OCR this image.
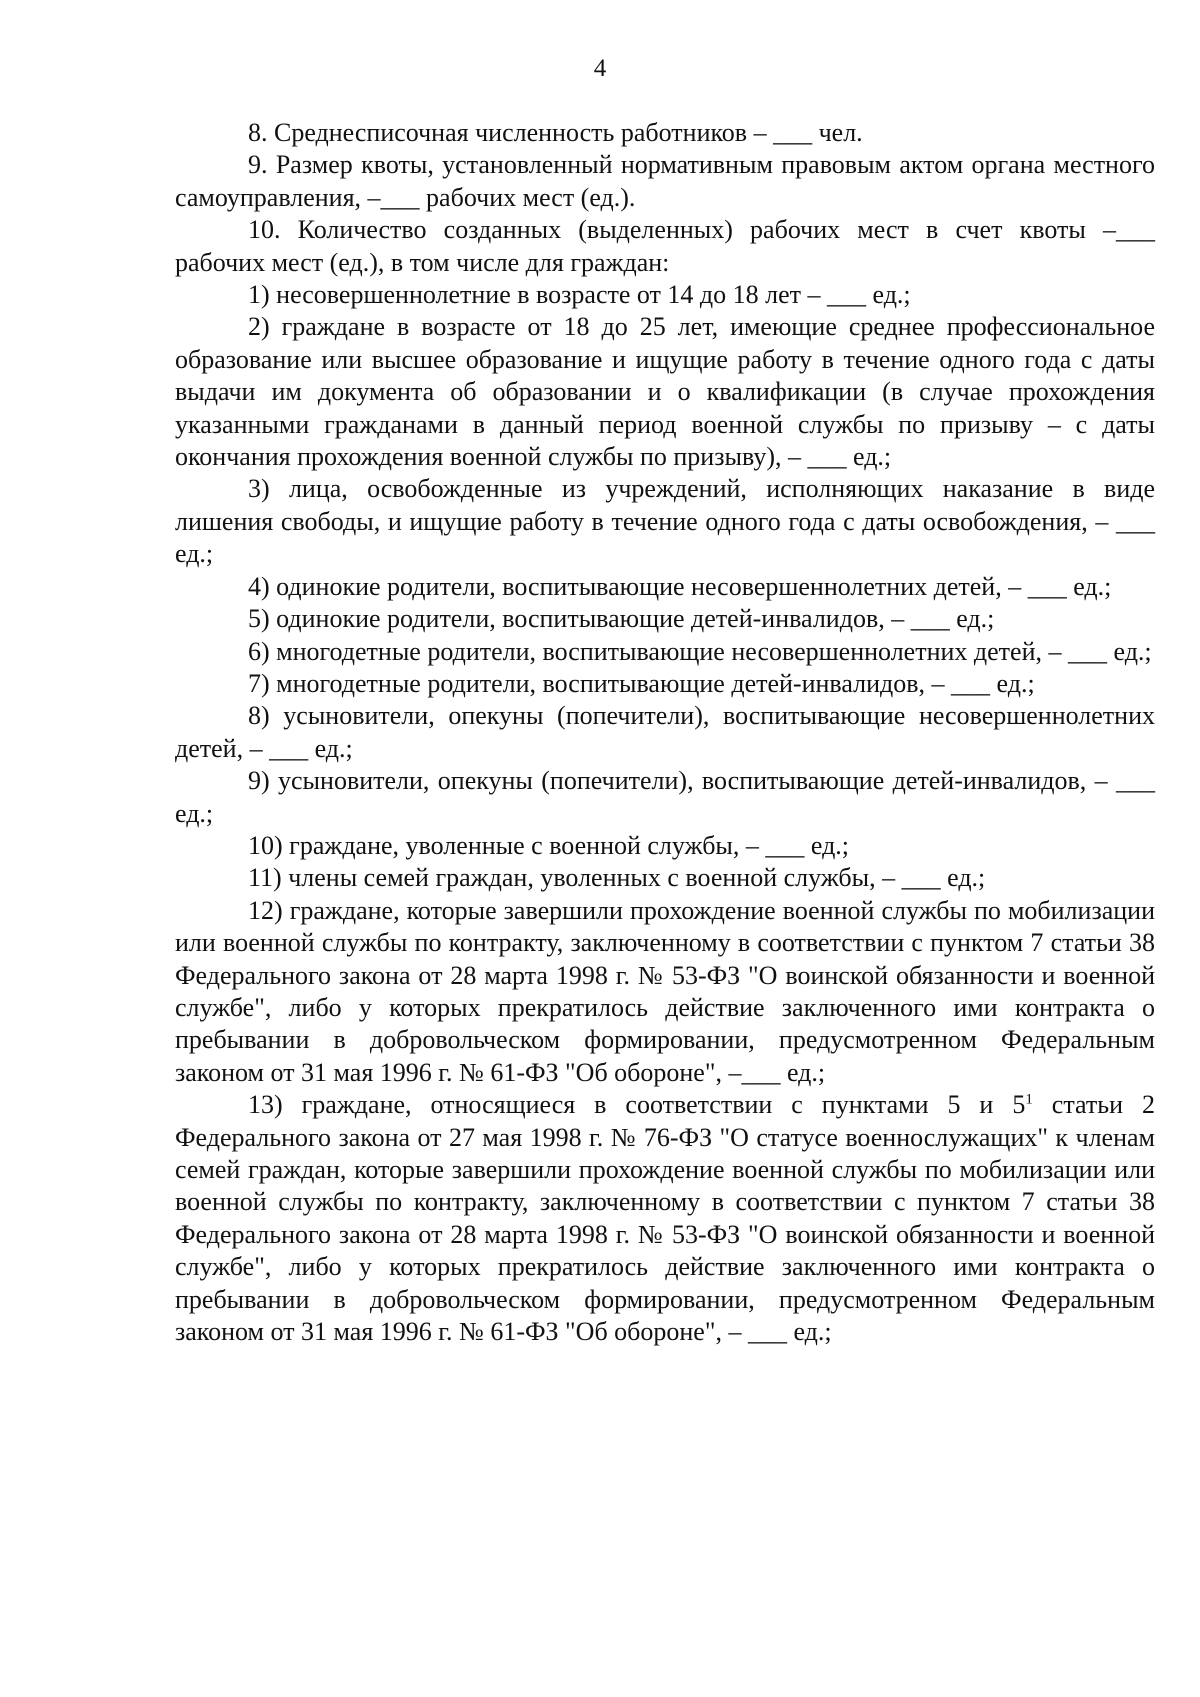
4

8. Среднесписочная численность работников – ___ чел.

9. Размер квоты, установленный нормативным правовым актом органа местного самоуправления, –___ рабочих мест (ед.).

10. Количество созданных (выделенных) рабочих мест в счет квоты –___ рабочих мест (ед.), в том числе для граждан:

1) несовершеннолетние в возрасте от 14 до 18 лет – ___ ед.;

2) граждане в возрасте от 18 до 25 лет, имеющие среднее профессиональное образование или высшее образование и ищущие работу в течение одного года с даты выдачи им документа об образовании и о квалификации (в случае прохождения указанными гражданами в данный период военной службы по призыву – с даты окончания прохождения военной службы по призыву), – ___ ед.;

3) лица, освобожденные из учреждений, исполняющих наказание в виде лишения свободы, и ищущие работу в течение одного года с даты освобождения, – ___ ед.;

4) одинокие родители, воспитывающие несовершеннолетних детей, – ___ ед.;

5) одинокие родители, воспитывающие детей-инвалидов, – ___ ед.;

6) многодетные родители, воспитывающие несовершеннолетних детей, – ___ ед.;

7) многодетные родители, воспитывающие детей-инвалидов, – ___ ед.;

8) усыновители, опекуны (попечители), воспитывающие несовершеннолетних детей, – ___ ед.;

9) усыновители, опекуны (попечители), воспитывающие детей-инвалидов, – ___ ед.;

10) граждане, уволенные с военной службы, – ___ ед.;

11) члены семей граждан, уволенных с военной службы, – ___ ед.;

12) граждане, которые завершили прохождение военной службы по мобилизации или военной службы по контракту, заключенному в соответствии с пунктом 7 статьи 38 Федерального закона от 28 марта 1998 г. № 53-ФЗ "О воинской обязанности и военной службе", либо у которых прекратилось действие заключенного ими контракта о пребывании в добровольческом формировании, предусмотренном Федеральным законом от 31 мая 1996 г. № 61-ФЗ "Об обороне", –___ ед.;

13) граждане, относящиеся в соответствии с пунктами 5 и $5^1$ статьи 2 Федерального закона от 27 мая 1998 г. № 76-ФЗ "О статусе военнослужащих" к членам семей граждан, которые завершили прохождение военной службы по мобилизации или военной службы по контракту, заключенному в соответствии с пунктом 7 статьи 38 Федерального закона от 28 марта 1998 г. № 53-ФЗ "О воинской обязанности и военной службе", либо у которых прекратилось действие заключенного ими контракта о пребывании в добровольческом формировании, предусмотренном Федеральным законом от 31 мая 1996 г. № 61-ФЗ "Об обороне", – ___ ед.;
